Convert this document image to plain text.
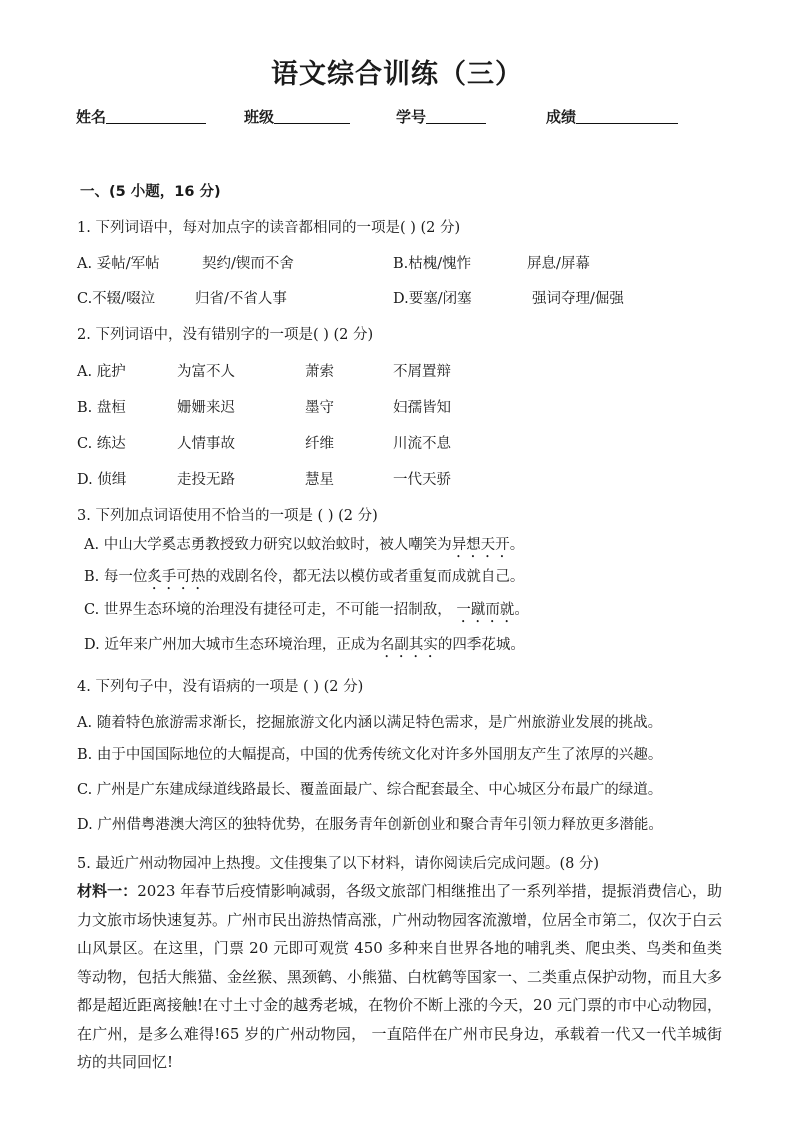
语文综合训练（三）
姓名	班级	学号	成绩
一、(5 小题，16 分)
1. 下列词语中，每对加点字的读音都相同的一项是( ) (2 分)
A. 妥帖/军帖	契约/锲而不舍	B.枯槐/愧怍	屏息/屏幕
C.不辍/啜泣	归省/不省人事	D.要塞/闭塞	强词夺理/倔强
2. 下列词语中，没有错别字的一项是( ) (2 分)
A. 庇护	为富不人	萧索	不屑置辩
B. 盘桓	姗姗来迟	墨守	妇孺皆知
C. 练达	人情事故	纤维	川流不息
D. 侦缉	走投无路	慧星	一代天骄
3. 下列加点词语使用不恰当的一项是 ( ) (2 分)
A. 中山大学奚志勇教授致力研究以蚊治蚊时，被人嘲笑为异想天开。
B. 每一位炙手可热的戏剧名伶，都无法以模仿或者重复而成就自己。
C. 世界生态环境的治理没有捷径可走，不可能一招制敌， 一蹴而就。
D. 近年来广州加大城市生态环境治理，正成为名副其实的四季花城。
4. 下列句子中，没有语病的一项是 ( ) (2 分)
A. 随着特色旅游需求渐长，挖掘旅游文化内涵以满足特色需求，是广州旅游业发展的挑战。
B. 由于中国国际地位的大幅提高，中国的优秀传统文化对许多外国朋友产生了浓厚的兴趣。
C. 广州是广东建成绿道线路最长、覆盖面最广、综合配套最全、中心城区分布最广的绿道。
D. 广州借粤港澳大湾区的独特优势，在服务青年创新创业和聚合青年引领力释放更多潜能。
5. 最近广州动物园冲上热搜。文佳搜集了以下材料，请你阅读后完成问题。(8 分)
材料一：2023 年春节后疫情影响减弱，各级文旅部门相继推出了一系列举措，提振消费信心，助力文旅市场快速复苏。广州市民出游热情高涨，广州动物园客流激增，位居全市第二，仅次于白云山风景区。在这里，门票 20 元即可观赏 450 多种来自世界各地的哺乳类、爬虫类、鸟类和鱼类等动物，包括大熊猫、金丝猴、黑颈鹤、小熊猫、白枕鹤等国家一、二类重点保护动物，而且大多都是超近距离接触!在寸土寸金的越秀老城，在物价不断上涨的今天，20 元门票的市中心动物园，在广州，是多么难得!65 岁的广州动物园， 一直陪伴在广州市民身边，承载着一代又一代羊城街坊的共同回忆!
